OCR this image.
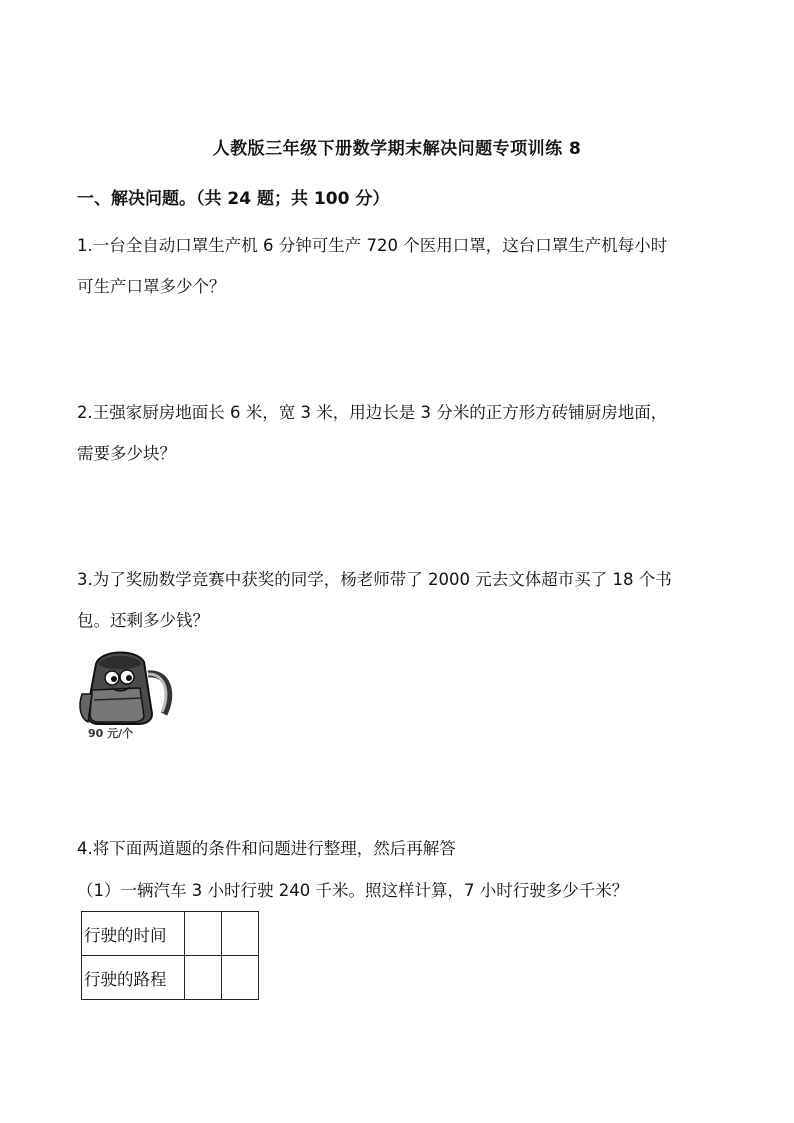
人教版三年级下册数学期末解决问题专项训练 8
一、解决问题。（共 24 题；共 100 分）
1.一台全自动口罩生产机 6 分钟可生产 720 个医用口罩，这台口罩生产机每小时
可生产口罩多少个？
2.王强家厨房地面长 6 米，宽 3 米，用边长是 3 分米的正方形方砖铺厨房地面，
需要多少块？
3.为了奖励数学竞赛中获奖的同学，杨老师带了 2000 元去文体超市买了 18 个书
包。还剩多少钱？
90 元/个
4.将下面两道题的条件和问题进行整理，然后再解答
（1）一辆汽车 3 小时行驶 240 千米。照这样计算，7 小时行驶多少千米？
行驶的时间		
行驶的路程		
